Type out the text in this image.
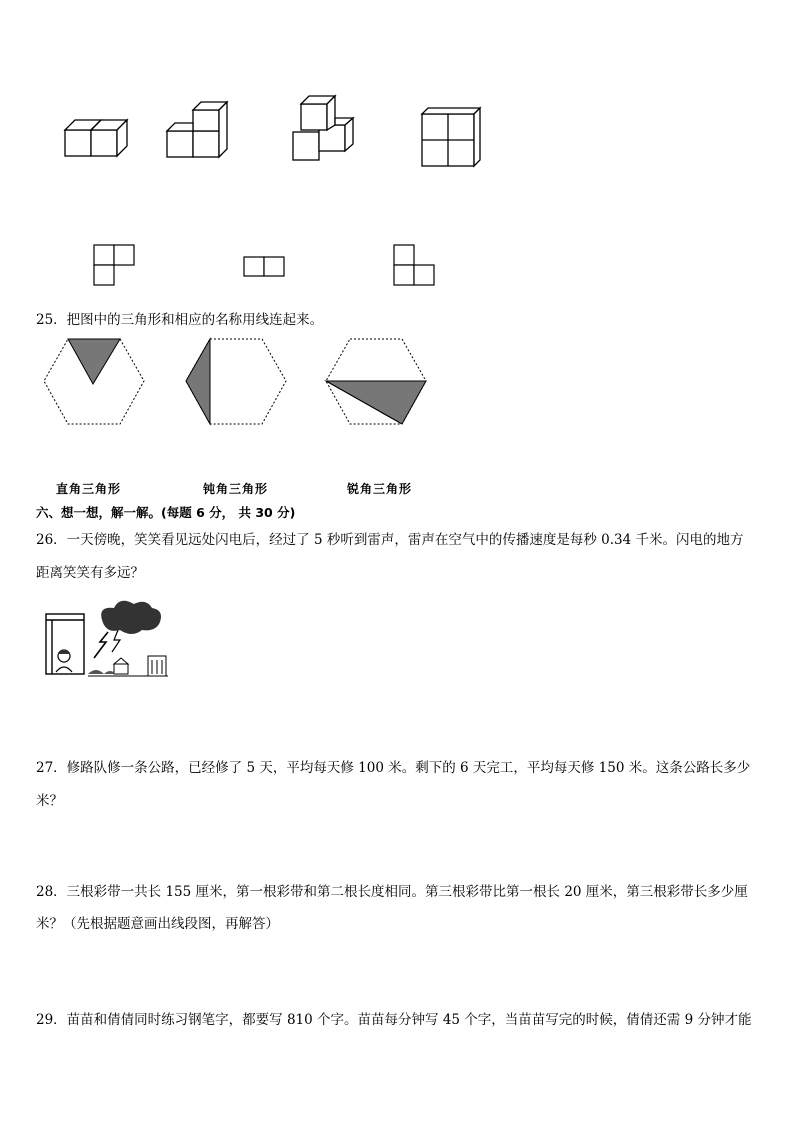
25．把图中的三角形和相应的名称用线连起来。
直角三角形	钝角三角形	锐角三角形
六、想一想，解一解。(每题 6 分， 共 30 分)
26．一天傍晚，笑笑看见远处闪电后，经过了 5 秒听到雷声，雷声在空气中的传播速度是每秒 0.34 千米。闪电的地方
距离笑笑有多远？
27．修路队修一条公路，已经修了 5 天，平均每天修 100 米。剩下的 6 天完工，平均每天修 150 米。这条公路长多少
米？
28．三根彩带一共长 155 厘米，第一根彩带和第二根长度相同。第三根彩带比第一根长 20 厘米，第三根彩带长多少厘
米？（先根据题意画出线段图，再解答）
29．苗苗和倩倩同时练习钢笔字，都要写 810 个字。苗苗每分钟写 45 个字，当苗苗写完的时候，倩倩还需 9 分钟才能
